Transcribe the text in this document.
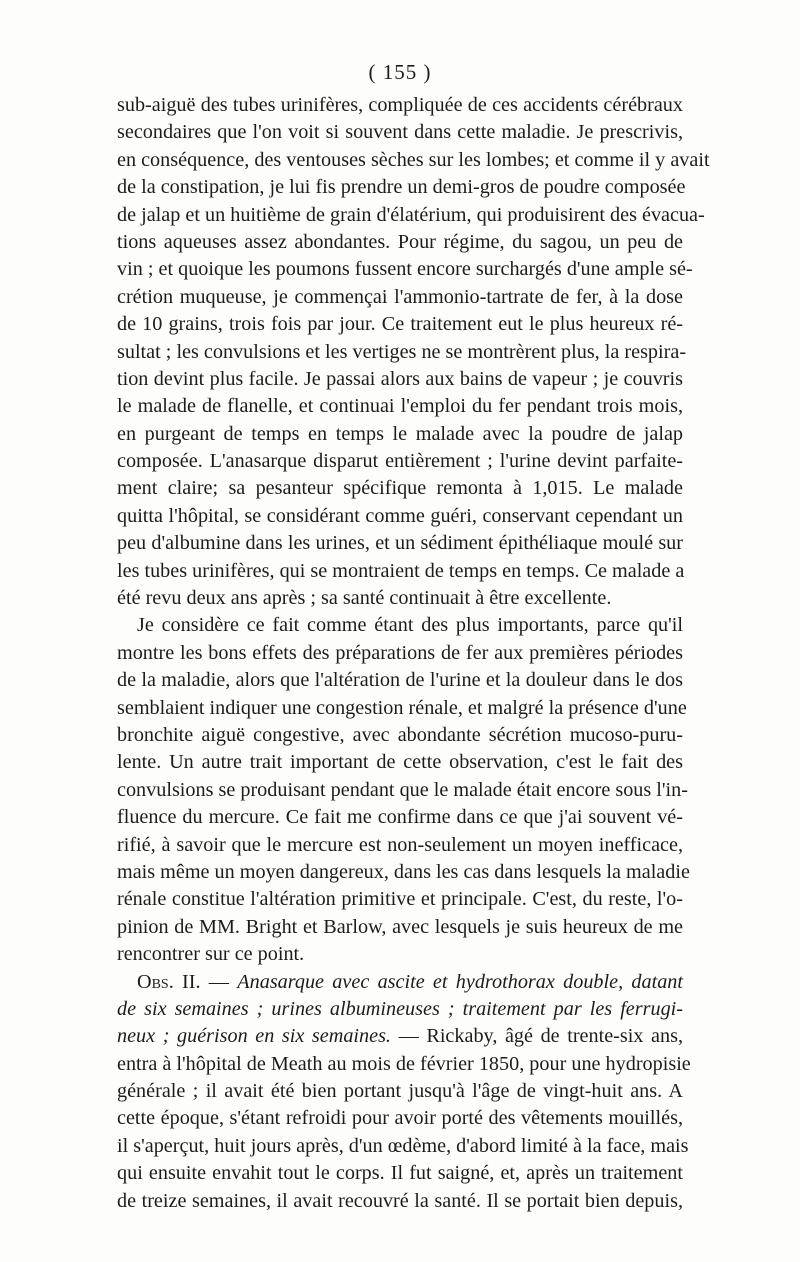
( 155 )
sub-aiguë des tubes urinifères, compliquée de ces accidents cérébraux
secondaires que l'on voit si souvent dans cette maladie. Je prescrivis,
en conséquence, des ventouses sèches sur les lombes; et comme il y avait
de la constipation, je lui fis prendre un demi-gros de poudre composée
de jalap et un huitième de grain d'élatérium, qui produisirent des évacua-
tions aqueuses assez abondantes. Pour régime, du sagou, un peu de
vin ; et quoique les poumons fussent encore surchargés d'une ample sé-
crétion muqueuse, je commençai l'ammonio-tartrate de fer, à la dose
de 10 grains, trois fois par jour. Ce traitement eut le plus heureux ré-
sultat ; les convulsions et les vertiges ne se montrèrent plus, la respira-
tion devint plus facile. Je passai alors aux bains de vapeur ; je couvris
le malade de flanelle, et continuai l'emploi du fer pendant trois mois,
en purgeant de temps en temps le malade avec la poudre de jalap
composée. L'anasarque disparut entièrement ; l'urine devint parfaite-
ment claire; sa pesanteur spécifique remonta à 1,015. Le malade
quitta l'hôpital, se considérant comme guéri, conservant cependant un
peu d'albumine dans les urines, et un sédiment épithéliaque moulé sur
les tubes urinifères, qui se montraient de temps en temps. Ce malade a
été revu deux ans après ; sa santé continuait à être excellente.
Je considère ce fait comme étant des plus importants, parce qu'il
montre les bons effets des préparations de fer aux premières périodes
de la maladie, alors que l'altération de l'urine et la douleur dans le dos
semblaient indiquer une congestion rénale, et malgré la présence d'une
bronchite aiguë congestive, avec abondante sécrétion mucoso-puru-
lente. Un autre trait important de cette observation, c'est le fait des
convulsions se produisant pendant que le malade était encore sous l'in-
fluence du mercure. Ce fait me confirme dans ce que j'ai souvent vé-
rifié, à savoir que le mercure est non-seulement un moyen inefficace,
mais même un moyen dangereux, dans les cas dans lesquels la maladie
rénale constitue l'altération primitive et principale. C'est, du reste, l'o-
pinion de MM. Bright et Barlow, avec lesquels je suis heureux de me
rencontrer sur ce point.
Obs. II. — Anasarque avec ascite et hydrothorax double, datant
de six semaines ; urines albumineuses ; traitement par les ferrugi-
neux ; guérison en six semaines. — Rickaby, âgé de trente-six ans,
entra à l'hôpital de Meath au mois de février 1850, pour une hydropisie
générale ; il avait été bien portant jusqu'à l'âge de vingt-huit ans. A
cette époque, s'étant refroidi pour avoir porté des vêtements mouillés,
il s'aperçut, huit jours après, d'un œdème, d'abord limité à la face, mais
qui ensuite envahit tout le corps. Il fut saigné, et, après un traitement
de treize semaines, il avait recouvré la santé. Il se portait bien depuis,
